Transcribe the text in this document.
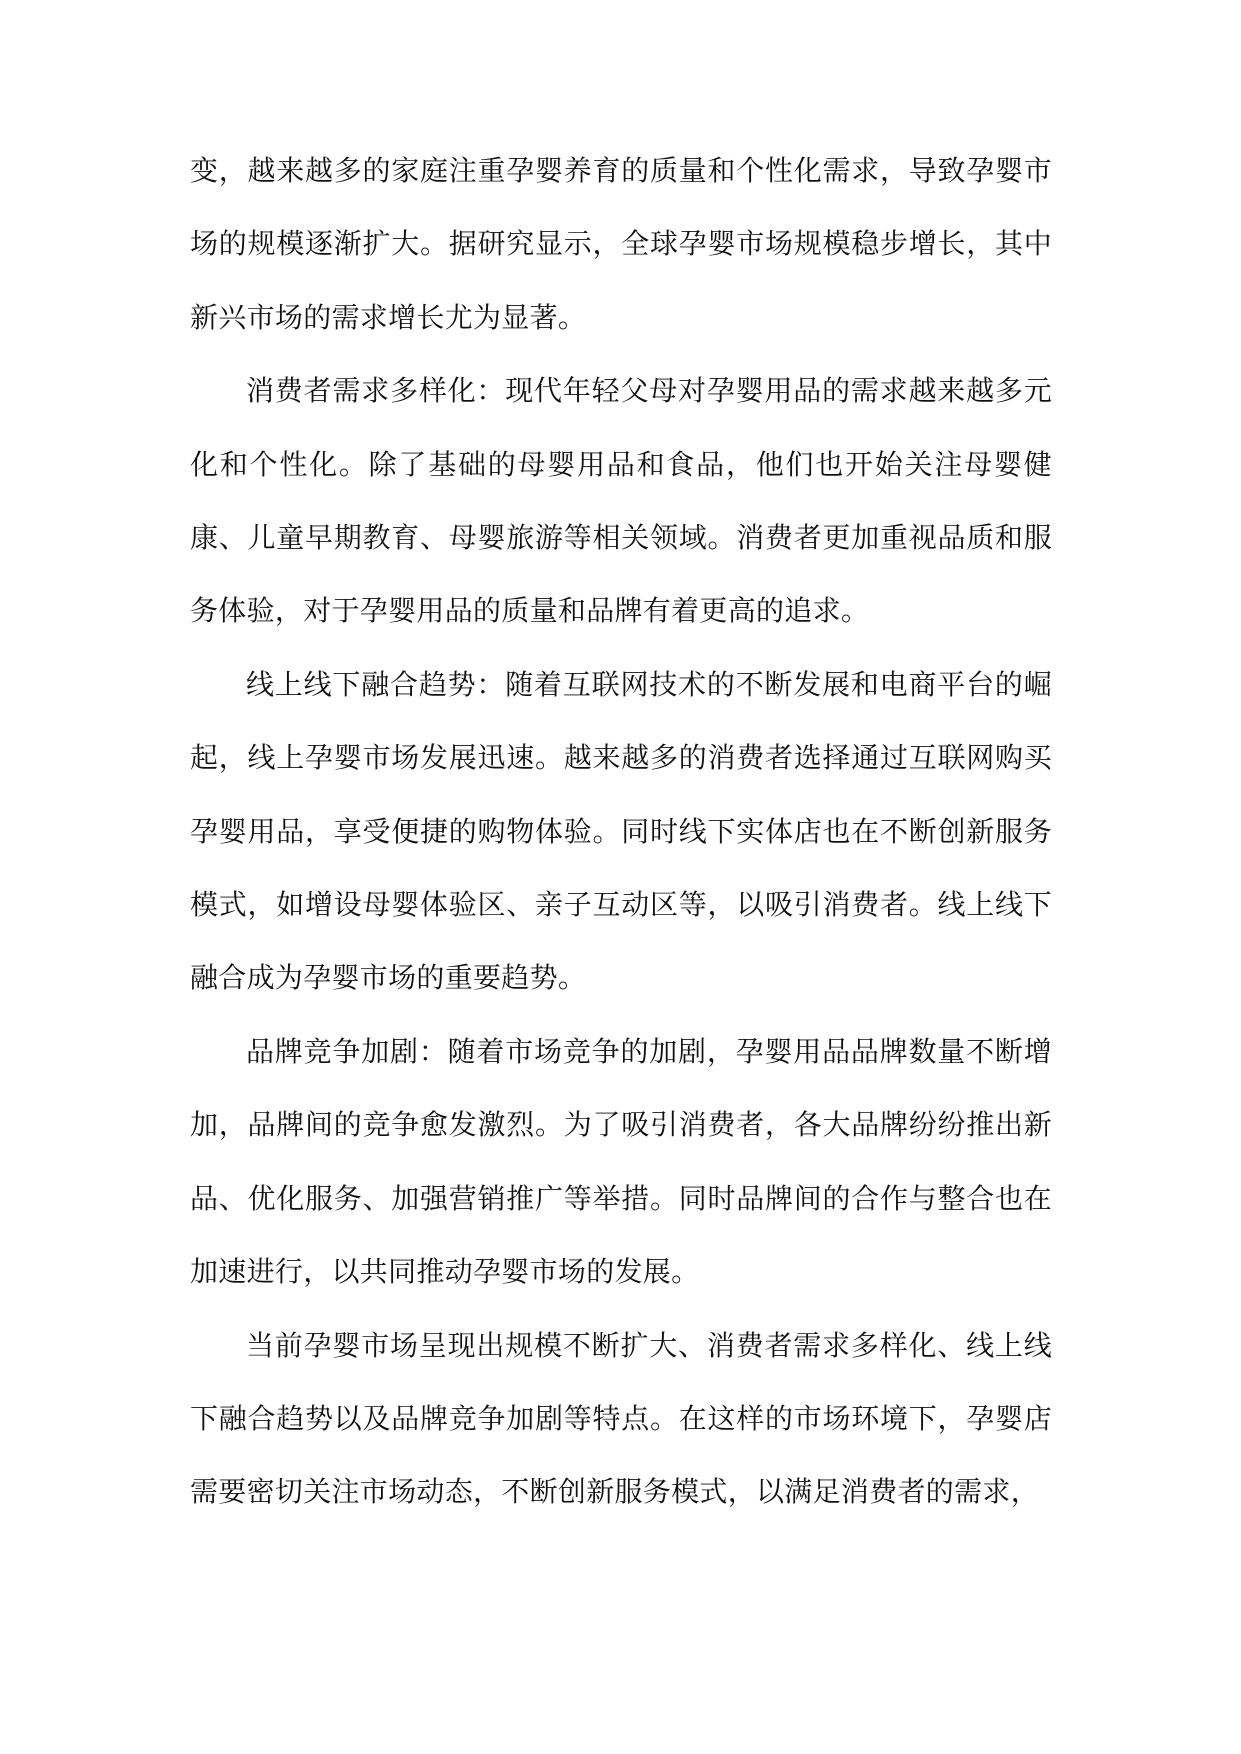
变，越来越多的家庭注重孕婴养育的质量和个性化需求，导致孕婴市场的规模逐渐扩大。据研究显示，全球孕婴市场规模稳步增长，其中新兴市场的需求增长尤为显著。

消费者需求多样化：现代年轻父母对孕婴用品的需求越来越多元化和个性化。除了基础的母婴用品和食品，他们也开始关注母婴健康、儿童早期教育、母婴旅游等相关领域。消费者更加重视品质和服务体验，对于孕婴用品的质量和品牌有着更高的追求。

线上线下融合趋势：随着互联网技术的不断发展和电商平台的崛起，线上孕婴市场发展迅速。越来越多的消费者选择通过互联网购买孕婴用品，享受便捷的购物体验。同时线下实体店也在不断创新服务模式，如增设母婴体验区、亲子互动区等，以吸引消费者。线上线下融合成为孕婴市场的重要趋势。

品牌竞争加剧：随着市场竞争的加剧，孕婴用品品牌数量不断增加，品牌间的竞争愈发激烈。为了吸引消费者，各大品牌纷纷推出新品、优化服务、加强营销推广等举措。同时品牌间的合作与整合也在加速进行，以共同推动孕婴市场的发展。

当前孕婴市场呈现出规模不断扩大、消费者需求多样化、线上线下融合趋势以及品牌竞争加剧等特点。在这样的市场环境下，孕婴店需要密切关注市场动态，不断创新服务模式，以满足消费者的需求，
